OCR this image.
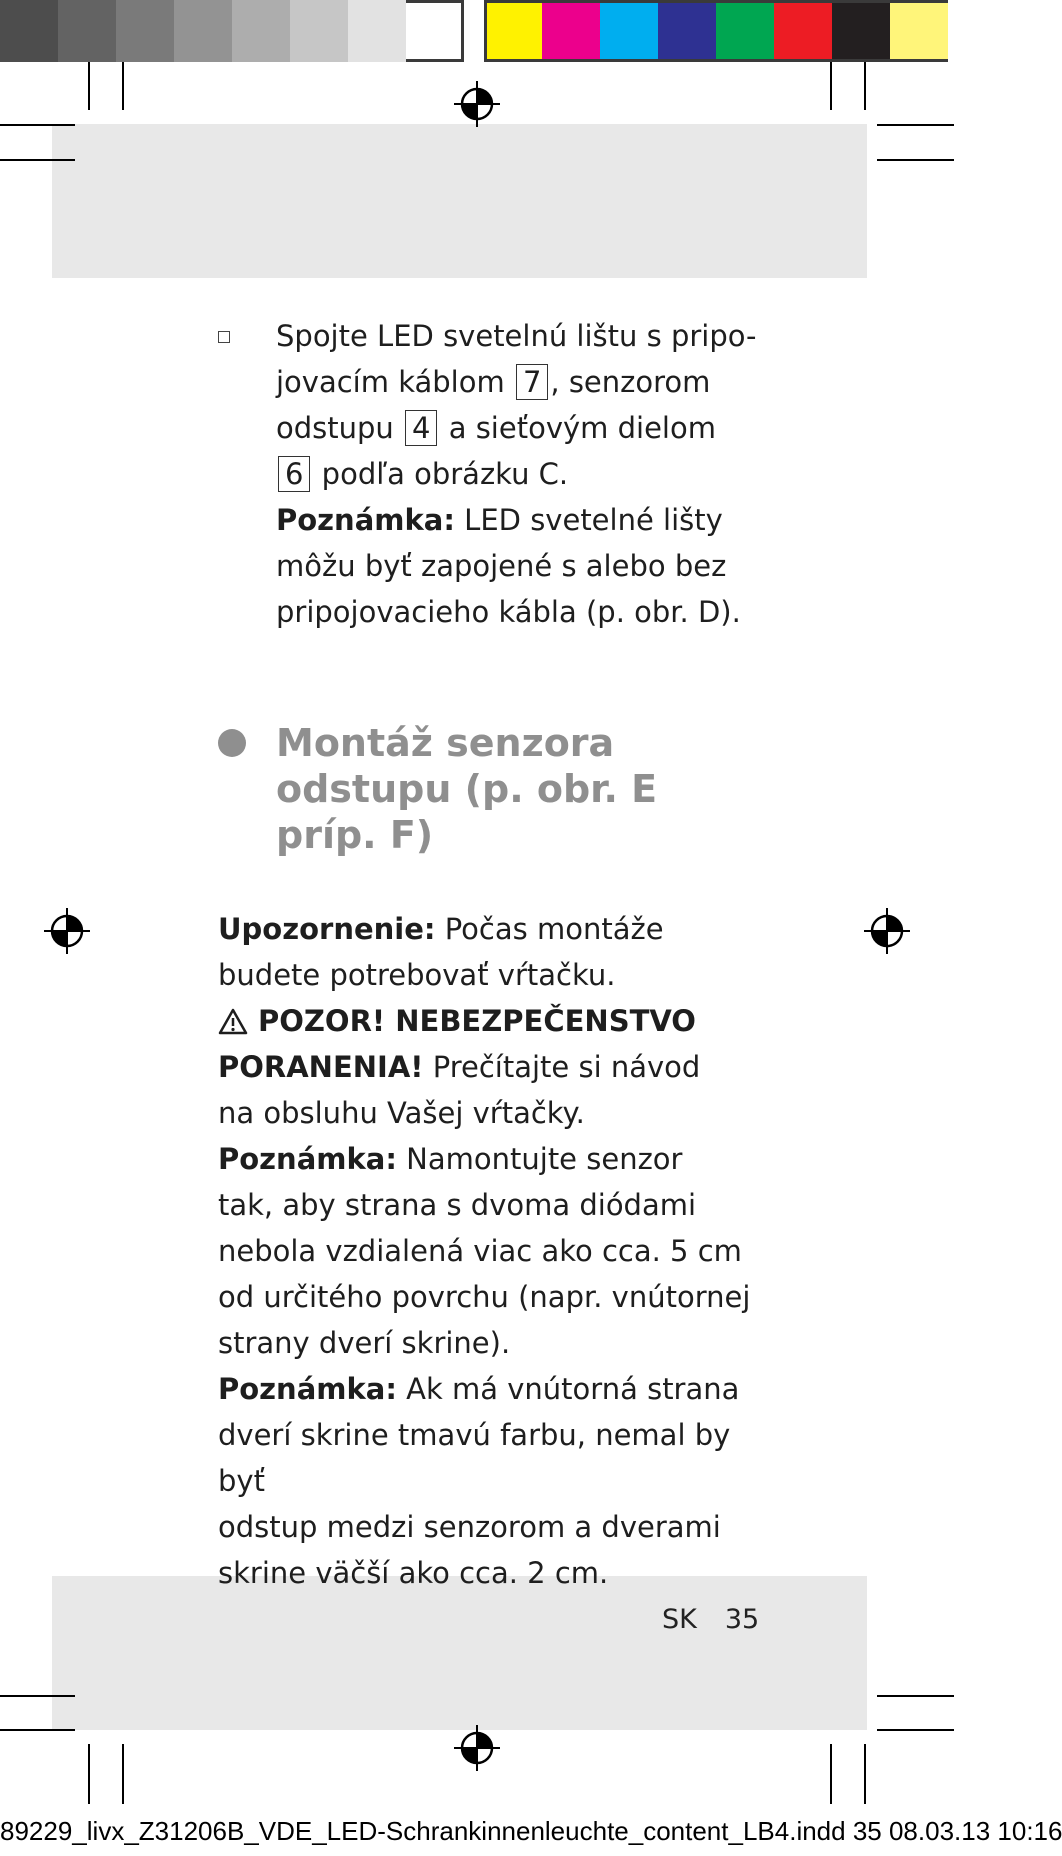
Spojte LED svetelnú lištu s pripo-
jovacím káblom 7 , senzorom
odstupu 4 a sieťovým dielom
6 podľa obrázku C.
Poznámka: LED svetelné lišty
môžu byť zapojené s alebo bez
pripojovacieho kábla (p. obr. D).
Montáž senzora
odstupu (p. obr. E
príp. F)
Upozornenie: Počas montáže
budete potrebovať vŕtačku.
POZOR! NEBEZPEČENSTVO
PORANENIA! Prečítajte si návod
na obsluhu Vašej vŕtačky.
Poznámka: Namontujte senzor
tak, aby strana s dvoma diódami
nebola vzdialená viac ako cca. 5 cm
od určitého povrchu (napr. vnútornej
strany dverí skrine).
Poznámka: Ak má vnútorná strana
dverí skrine tmavú farbu, nemal by byť
odstup medzi senzorom a dverami
skrine väčší ako cca. 2 cm.
SK 35
89229_livx_Z31206B_VDE_LED-Schrankinnenleuchte_content_LB4.indd 35 08.03.13 10:16
